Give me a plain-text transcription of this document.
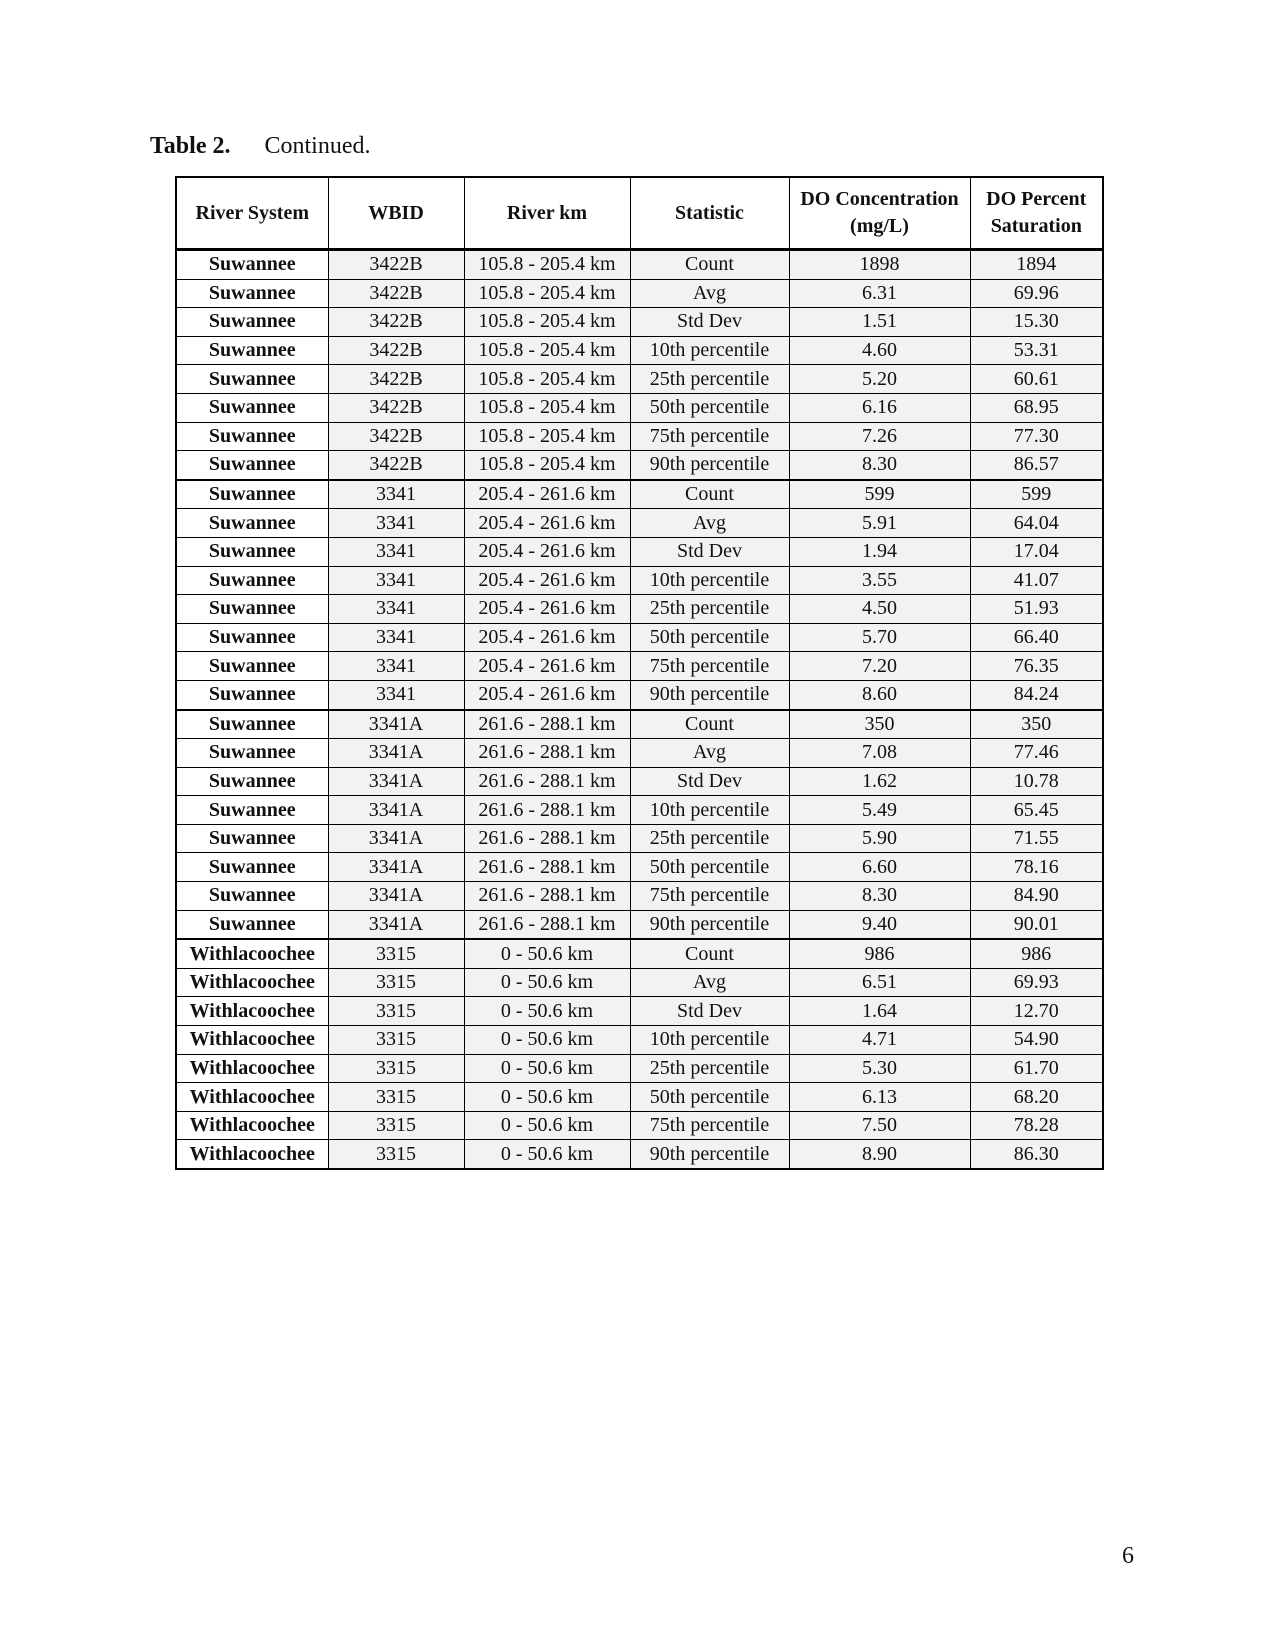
Table 2. Continued.
River System	WBID	River km	Statistic	DO Concentration (mg/L)	DO Percent Saturation
Suwannee	3422B	105.8 - 205.4 km	Count	1898	1894
Suwannee	3422B	105.8 - 205.4 km	Avg	6.31	69.96
Suwannee	3422B	105.8 - 205.4 km	Std Dev	1.51	15.30
Suwannee	3422B	105.8 - 205.4 km	10th percentile	4.60	53.31
Suwannee	3422B	105.8 - 205.4 km	25th percentile	5.20	60.61
Suwannee	3422B	105.8 - 205.4 km	50th percentile	6.16	68.95
Suwannee	3422B	105.8 - 205.4 km	75th percentile	7.26	77.30
Suwannee	3422B	105.8 - 205.4 km	90th percentile	8.30	86.57
Suwannee	3341	205.4 - 261.6 km	Count	599	599
Suwannee	3341	205.4 - 261.6 km	Avg	5.91	64.04
Suwannee	3341	205.4 - 261.6 km	Std Dev	1.94	17.04
Suwannee	3341	205.4 - 261.6 km	10th percentile	3.55	41.07
Suwannee	3341	205.4 - 261.6 km	25th percentile	4.50	51.93
Suwannee	3341	205.4 - 261.6 km	50th percentile	5.70	66.40
Suwannee	3341	205.4 - 261.6 km	75th percentile	7.20	76.35
Suwannee	3341	205.4 - 261.6 km	90th percentile	8.60	84.24
Suwannee	3341A	261.6 - 288.1 km	Count	350	350
Suwannee	3341A	261.6 - 288.1 km	Avg	7.08	77.46
Suwannee	3341A	261.6 - 288.1 km	Std Dev	1.62	10.78
Suwannee	3341A	261.6 - 288.1 km	10th percentile	5.49	65.45
Suwannee	3341A	261.6 - 288.1 km	25th percentile	5.90	71.55
Suwannee	3341A	261.6 - 288.1 km	50th percentile	6.60	78.16
Suwannee	3341A	261.6 - 288.1 km	75th percentile	8.30	84.90
Suwannee	3341A	261.6 - 288.1 km	90th percentile	9.40	90.01
Withlacoochee	3315	0 - 50.6 km	Count	986	986
Withlacoochee	3315	0 - 50.6 km	Avg	6.51	69.93
Withlacoochee	3315	0 - 50.6 km	Std Dev	1.64	12.70
Withlacoochee	3315	0 - 50.6 km	10th percentile	4.71	54.90
Withlacoochee	3315	0 - 50.6 km	25th percentile	5.30	61.70
Withlacoochee	3315	0 - 50.6 km	50th percentile	6.13	68.20
Withlacoochee	3315	0 - 50.6 km	75th percentile	7.50	78.28
Withlacoochee	3315	0 - 50.6 km	90th percentile	8.90	86.30
6
